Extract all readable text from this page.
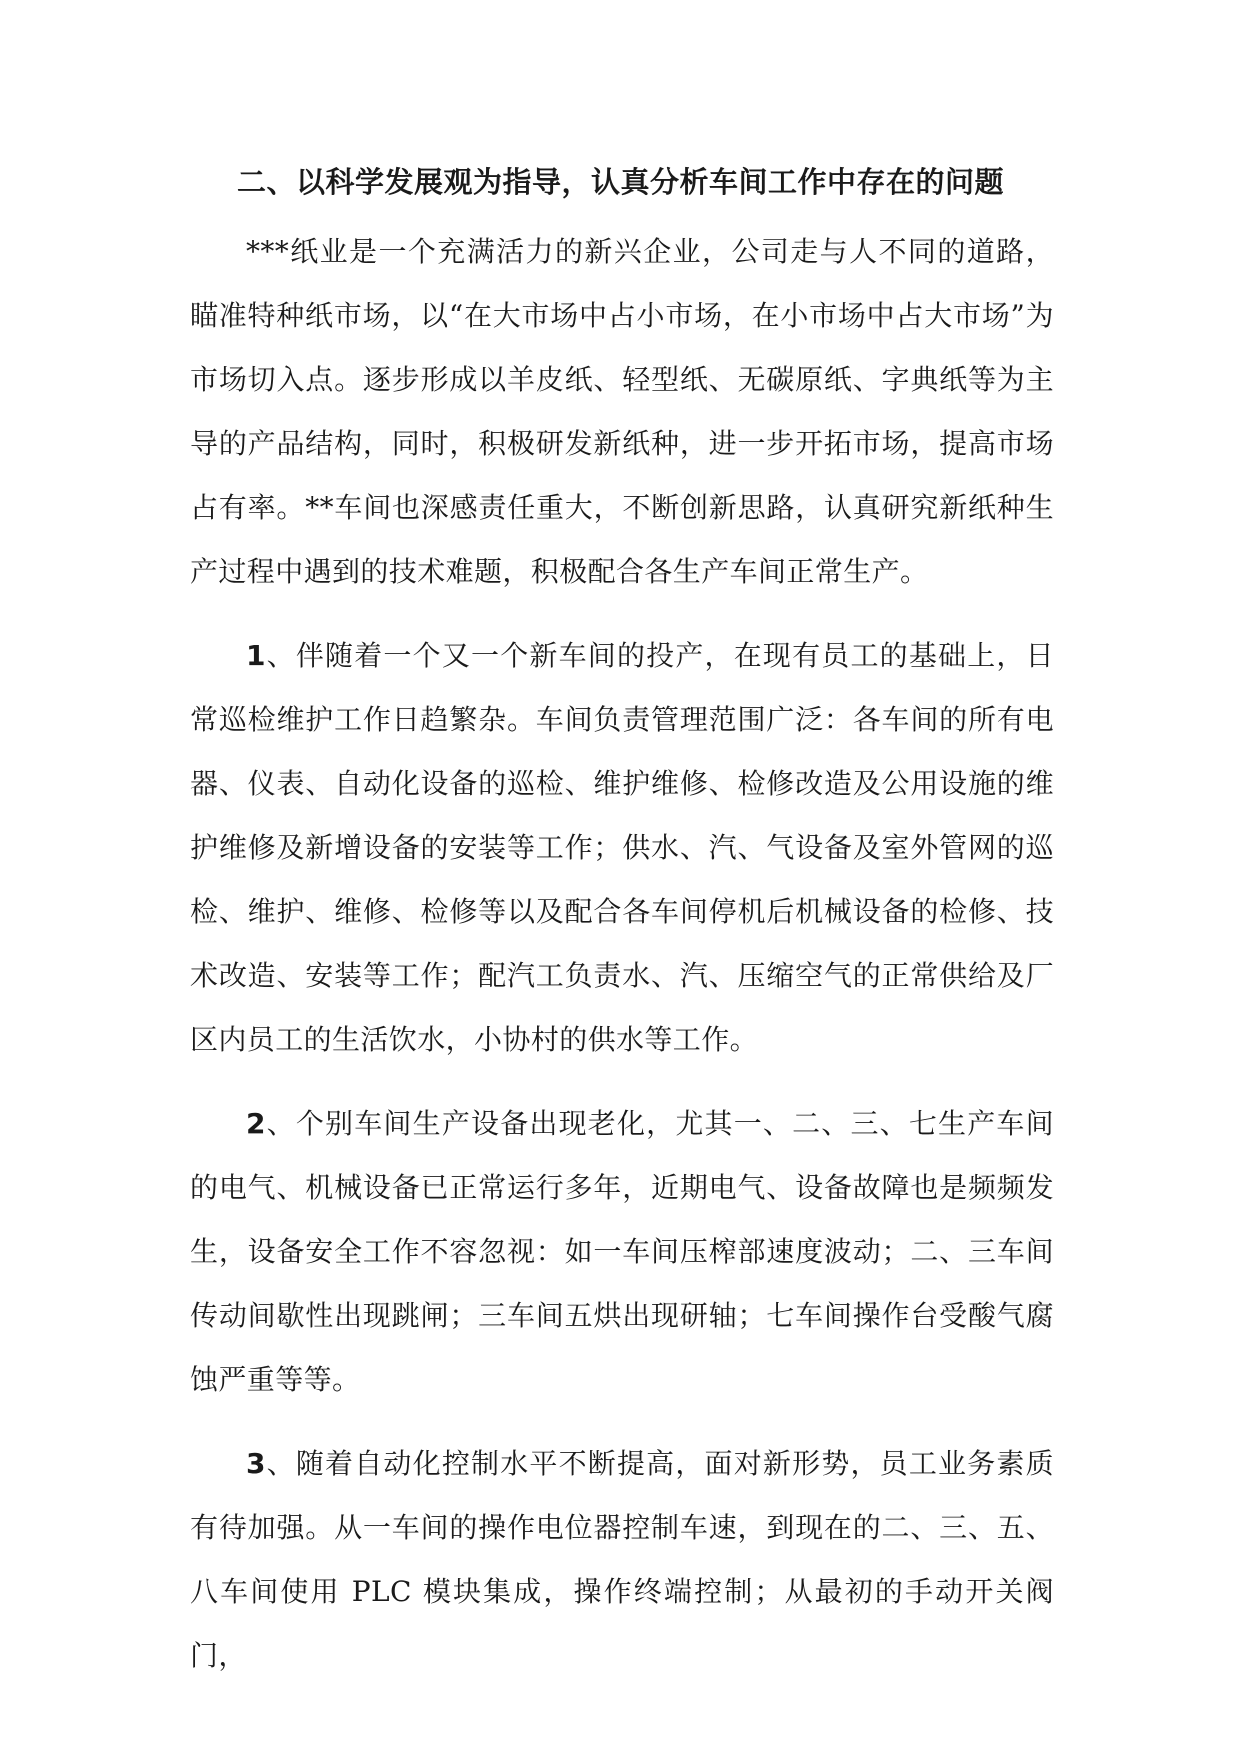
二、以科学发展观为指导，认真分析车间工作中存在的问题

***纸业是一个充满活力的新兴企业，公司走与人不同的道路，瞄准特种纸市场，以“在大市场中占小市场，在小市场中占大市场”为市场切入点。逐步形成以羊皮纸、轻型纸、无碳原纸、字典纸等为主导的产品结构，同时，积极研发新纸种，进一步开拓市场，提高市场占有率。**车间也深感责任重大，不断创新思路，认真研究新纸种生产过程中遇到的技术难题，积极配合各生产车间正常生产。

1、伴随着一个又一个新车间的投产，在现有员工的基础上，日常巡检维护工作日趋繁杂。车间负责管理范围广泛：各车间的所有电器、仪表、自动化设备的巡检、维护维修、检修改造及公用设施的维护维修及新增设备的安装等工作；供水、汽、气设备及室外管网的巡检、维护、维修、检修等以及配合各车间停机后机械设备的检修、技术改造、安装等工作；配汽工负责水、汽、压缩空气的正常供给及厂区内员工的生活饮水，小协村的供水等工作。

2、个别车间生产设备出现老化，尤其一、二、三、七生产车间的电气、机械设备已正常运行多年，近期电气、设备故障也是频频发生，设备安全工作不容忽视：如一车间压榨部速度波动；二、三车间传动间歇性出现跳闸；三车间五烘出现研轴；七车间操作台受酸气腐蚀严重等等。

3、随着自动化控制水平不断提高，面对新形势，员工业务素质有待加强。从一车间的操作电位器控制车速，到现在的二、三、五、八车间使用 PLC 模块集成，操作终端控制；从最初的手动开关阀门，
